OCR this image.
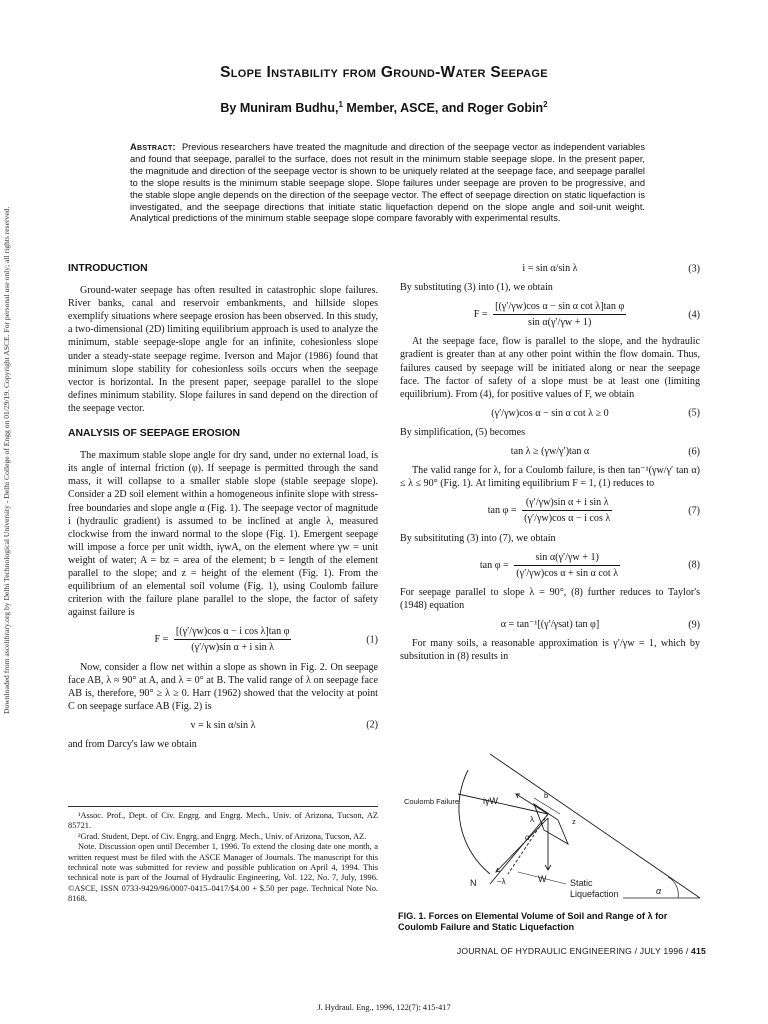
Downloaded from ascelibrary.org by Delhi Technological University - Delhi College of Engg on 01/29/19. Copyright ASCE. For personal use only; all rights reserved.
Slope Instability from Ground-Water Seepage
By Muniram Budhu,$^1$ Member, ASCE, and Roger Gobin$^2$
Abstract: Previous researchers have treated the magnitude and direction of the seepage vector as independent variables and found that seepage, parallel to the surface, does not result in the minimum stable seepage slope. In the present paper, the magnitude and direction of the seepage vector is shown to be uniquely related at the seepage face, and seepage parallel to the slope results is the minimum stable seepage slope. Slope failures under seepage are proven to be progressive, and the stable slope angle depends on the direction of the seepage vector. The effect of seepage direction on static liquefaction is investigated, and the seepage directions that initiate static liquefaction depend on the slope angle and soil-unit weight. Analytical predictions of the minimum stable seepage slope compare favorably with experimental results.
INTRODUCTION

Ground-water seepage has often resulted in catastrophic slope failures. River banks, canal and reservoir embankments, and hillside slopes exemplify situations where seepage erosion has been observed. In this study, a two-dimensional (2D) limiting equilibrium approach is used to analyze the minimum, stable seepage-slope angle for an infinite, cohesionless slope under a steady-state seepage regime. Iverson and Major (1986) found that minimum slope stability for cohesionless soils occurs when the seepage vector is horizontal. In the present paper, seepage parallel to the slope defines minimum stability. Slope failures in sand depend on the direction of the seepage vector.

ANALYSIS OF SEEPAGE EROSION

The maximum stable slope angle for dry sand, under no external load, is its angle of internal friction (φ). If seepage is permitted through the sand mass, it will collapse to a smaller stable slope (stable seepage slope). Consider a 2D soil element within a homogeneous infinite slope with stress-free boundaries and slope angle α (Fig. 1). The seepage vector of magnitude i (hydraulic gradient) is assumed to be inclined at angle λ, measured clockwise from the inward normal to the slope (Fig. 1). Emergent seepage will impose a force per unit width, iγwA, on the element where γw = unit weight of water; A = bz = area of the element; b = length of the element parallel to the slope; and z = height of the element (Fig. 1). From the equilibrium of an elemental soil volume (Fig. 1), using Coulomb failure criterion with the failure plane parallel to the slope, the factor of safety against failure is

$F = \frac{\text{[(γ′/γw)cos α − i cos λ]tan φ}}{\text{(γ′/γw)sin α + i sin λ}}$	(1)

Now, consider a flow net within a slope as shown in Fig. 2. On seepage face AB, λ ≈ 90° at A, and λ = 0° at B. The valid range of λ on seepage face AB is, therefore, 90° ≥ λ ≥ 0. Harr (1962) showed that the velocity at point C on seepage surface AB (Fig. 2) is

v = k sin α/sin λ	(2)

and from Darcy's law we obtain

¹Assoc. Prof., Dept. of Civ. Engrg. and Engrg. Mech., Univ. of Arizona, Tucson, AZ 85721.

²Grad. Student, Dept. of Civ. Engrg. and Engrg. Mech., Univ. of Arizona, Tucson, AZ.

Note. Discussion open until December 1, 1996. To extend the closing date one month, a written request must be filed with the ASCE Manager of Journals. The manuscript for this technical note was submitted for review and possible publication on April 4, 1994. This technical note is part of the Journal of Hydraulic Engineering, Vol. 122, No. 7, July, 1996. ©ASCE, ISSN 0733-9429/96/0007-0415–0417/$4.00 + $.50 per page. Technical Note No. 8168.

i = sin α/sin λ	(3)

By substituting (3) into (1), we obtain

$F = \frac{\text{[(γ′/γw)cos α − sin α cot λ]tan φ}}{\text{sin α(γ′/γw + 1)}}$	(4)

At the seepage face, flow is parallel to the slope, and the hydraulic gradient is greater than at any other point within the flow domain. Thus, failures caused by seepage will be initiated along or near the seepage face. The factor of safety of a slope must be at least one (limiting equilibrium). From (4), for positive values of F, we obtain

(γ′/γw)cos α − sin α cot λ ≥ 0	(5)

By simplification, (5) becomes

tan λ ≥ (γw/γ′)tan α	(6)

The valid range for λ, for a Coulomb failure, is then tan⁻¹(γw/γ′ tan α) ≤ λ ≤ 90° (Fig. 1). At limiting equilibrium F = 1, (1) reduces to

$\tan \varphi = \frac{\text{(γ′/γw)sin α + i sin λ}}{\text{(γ′/γw)cos α − i cos λ}}$	(7)

By subsitituting (3) into (7), we obtain

$\tan \varphi = \frac{\text{sin α(γ′/γw + 1)}}{\text{(γ′/γw)cos α + sin α cot λ}}$	(8)

For seepage parallel to slope λ = 90°, (8) further reduces to Taylor's (1948) equation

α = tan⁻¹[(γ′/γsat) tan φ]	(9)

For many soils, a reasonable approximation is γ′/γw = 1, which by subsitution in (8) results in

Coulomb Failure	iγW
b
z
λ
α
N	−λ	W	Static
Liquefaction	α
FIG. 1. Forces on Elemental Volume of Soil and Range of λ for Coulomb Failure and Static Liquefaction
JOURNAL OF HYDRAULIC ENGINEERING / JULY 1996 / 415
J. Hydraul. Eng., 1996, 122(7): 415-417
